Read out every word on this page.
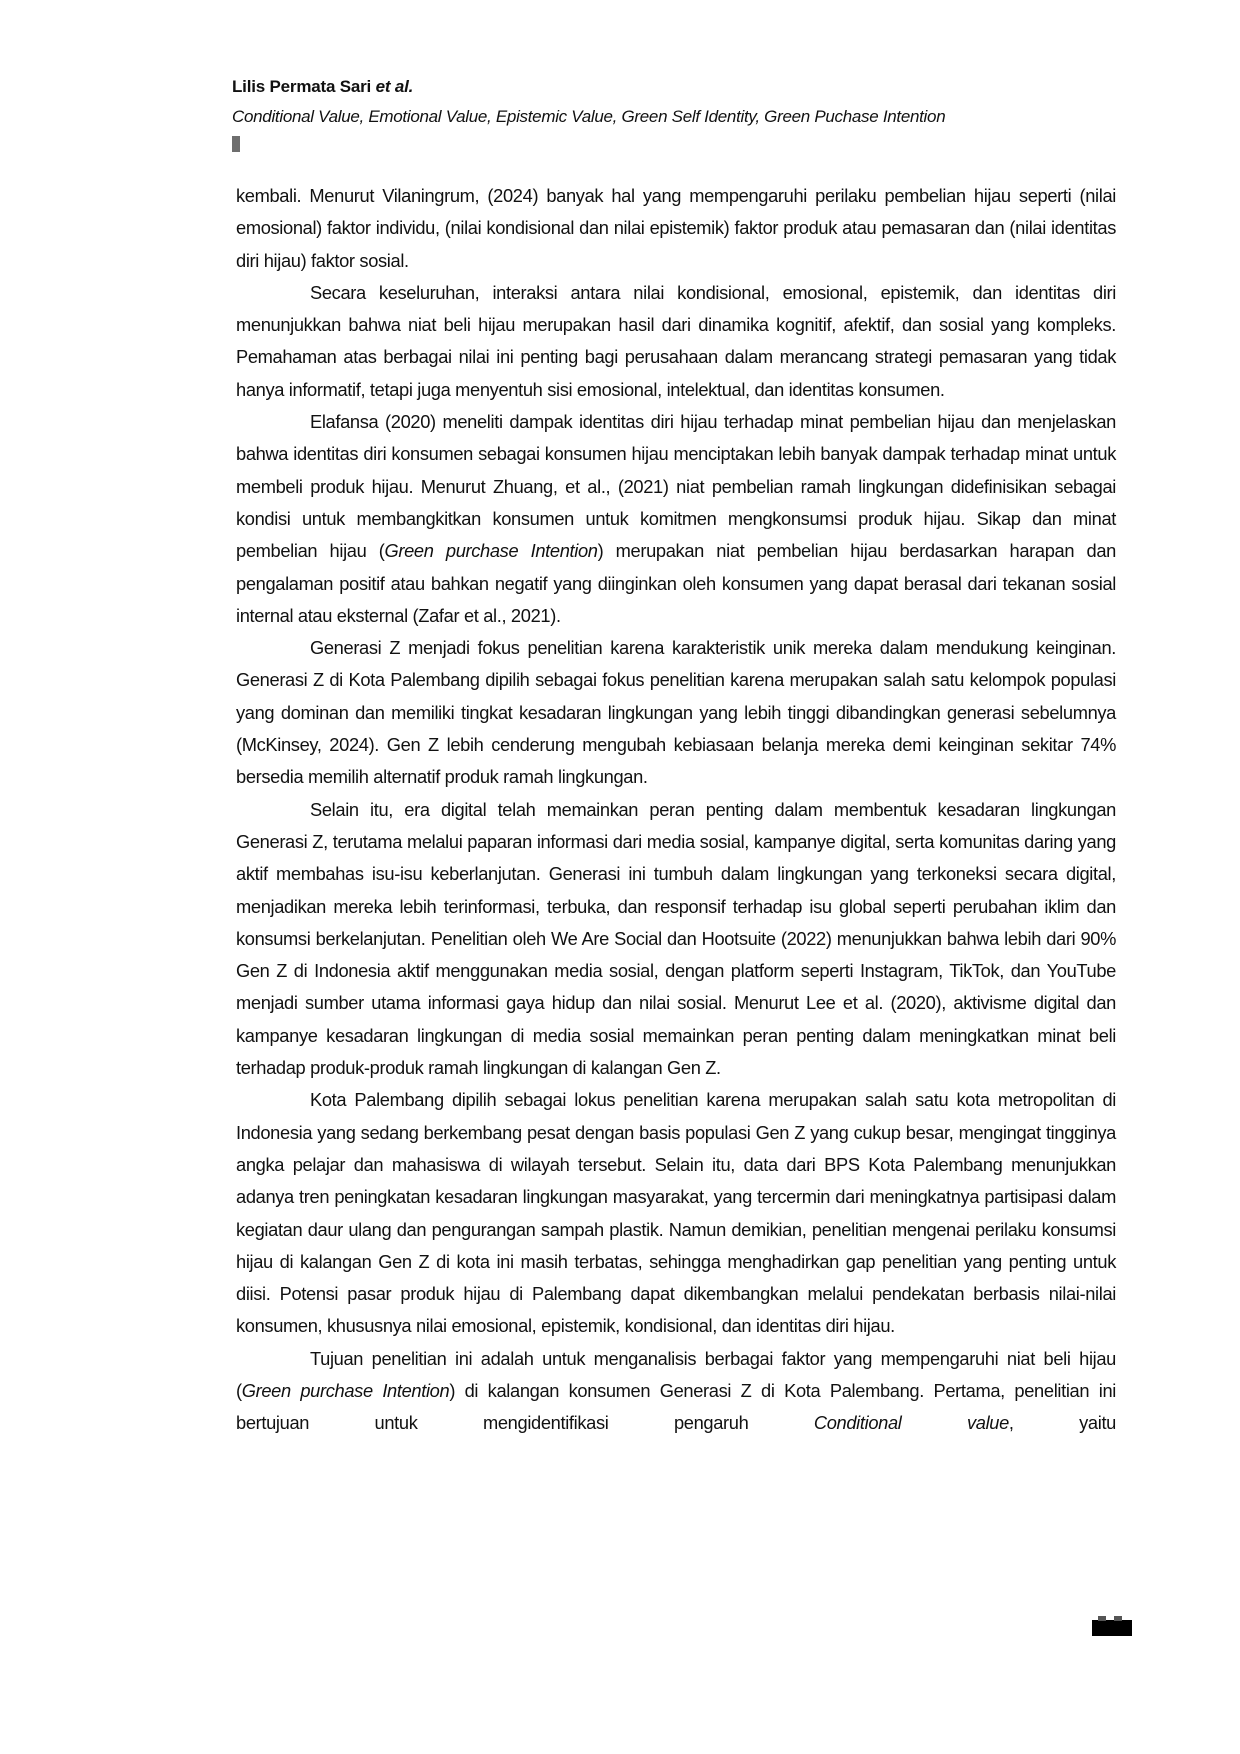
Lilis Permata Sari et al.
Conditional Value, Emotional Value, Epistemic Value, Green Self Identity, Green Puchase Intention

kembali. Menurut Vilaningrum, (2024) banyak hal yang mempengaruhi perilaku pembelian hijau seperti (nilai emosional) faktor individu, (nilai kondisional dan nilai epistemik) faktor produk atau pemasaran dan (nilai identitas diri hijau) faktor sosial.

Secara keseluruhan, interaksi antara nilai kondisional, emosional, epistemik, dan identitas diri menunjukkan bahwa niat beli hijau merupakan hasil dari dinamika kognitif, afektif, dan sosial yang kompleks. Pemahaman atas berbagai nilai ini penting bagi perusahaan dalam merancang strategi pemasaran yang tidak hanya informatif, tetapi juga menyentuh sisi emosional, intelektual, dan identitas konsumen.

Elafansa (2020) meneliti dampak identitas diri hijau terhadap minat pembelian hijau dan menjelaskan bahwa identitas diri konsumen sebagai konsumen hijau menciptakan lebih banyak dampak terhadap minat untuk membeli produk hijau. Menurut Zhuang, et al., (2021) niat pembelian ramah lingkungan didefinisikan sebagai kondisi untuk membangkitkan konsumen untuk komitmen mengkonsumsi produk hijau. Sikap dan minat pembelian hijau (Green purchase Intention) merupakan niat pembelian hijau berdasarkan harapan dan pengalaman positif atau bahkan negatif yang diinginkan oleh konsumen yang dapat berasal dari tekanan sosial internal atau eksternal (Zafar et al., 2021).

Generasi Z menjadi fokus penelitian karena karakteristik unik mereka dalam mendukung keinginan. Generasi Z di Kota Palembang dipilih sebagai fokus penelitian karena merupakan salah satu kelompok populasi yang dominan dan memiliki tingkat kesadaran lingkungan yang lebih tinggi dibandingkan generasi sebelumnya (McKinsey, 2024). Gen Z lebih cenderung mengubah kebiasaan belanja mereka demi keinginan sekitar 74% bersedia memilih alternatif produk ramah lingkungan.

Selain itu, era digital telah memainkan peran penting dalam membentuk kesadaran lingkungan Generasi Z, terutama melalui paparan informasi dari media sosial, kampanye digital, serta komunitas daring yang aktif membahas isu-isu keberlanjutan. Generasi ini tumbuh dalam lingkungan yang terkoneksi secara digital, menjadikan mereka lebih terinformasi, terbuka, dan responsif terhadap isu global seperti perubahan iklim dan konsumsi berkelanjutan. Penelitian oleh We Are Social dan Hootsuite (2022) menunjukkan bahwa lebih dari 90% Gen Z di Indonesia aktif menggunakan media sosial, dengan platform seperti Instagram, TikTok, dan YouTube menjadi sumber utama informasi gaya hidup dan nilai sosial. Menurut Lee et al. (2020), aktivisme digital dan kampanye kesadaran lingkungan di media sosial memainkan peran penting dalam meningkatkan minat beli terhadap produk-produk ramah lingkungan di kalangan Gen Z.

Kota Palembang dipilih sebagai lokus penelitian karena merupakan salah satu kota metropolitan di Indonesia yang sedang berkembang pesat dengan basis populasi Gen Z yang cukup besar, mengingat tingginya angka pelajar dan mahasiswa di wilayah tersebut. Selain itu, data dari BPS Kota Palembang menunjukkan adanya tren peningkatan kesadaran lingkungan masyarakat, yang tercermin dari meningkatnya partisipasi dalam kegiatan daur ulang dan pengurangan sampah plastik. Namun demikian, penelitian mengenai perilaku konsumsi hijau di kalangan Gen Z di kota ini masih terbatas, sehingga menghadirkan gap penelitian yang penting untuk diisi. Potensi pasar produk hijau di Palembang dapat dikembangkan melalui pendekatan berbasis nilai-nilai konsumen, khususnya nilai emosional, epistemik, kondisional, dan identitas diri hijau.

Tujuan penelitian ini adalah untuk menganalisis berbagai faktor yang mempengaruhi niat beli hijau (Green purchase Intention) di kalangan konsumen Generasi Z di Kota Palembang. Pertama, penelitian ini bertujuan untuk mengidentifikasi pengaruh Conditional value, yaitu
